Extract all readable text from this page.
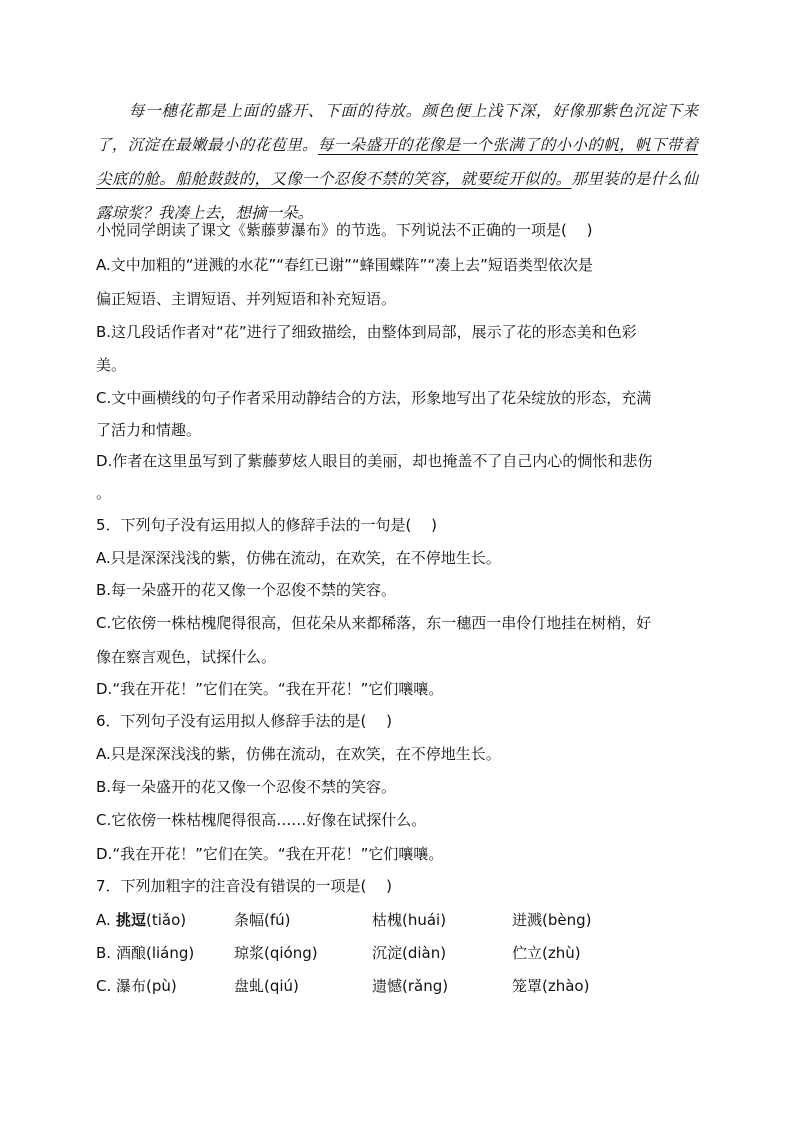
每一穗花都是上面的盛开、下面的待放。颜色便上浅下深，好像那紫色沉淀下来了，沉淀在最嫩最小的花苞里。每一朵盛开的花像是一个张满了的小小的帆，帆下带着尖底的舱。船舱鼓鼓的，又像一个忍俊不禁的笑容，就要绽开似的。那里装的是什么仙露琼浆？我凑上去，想摘一朵。
小悦同学朗读了课文《紫藤萝瀑布》的节选。下列说法不正确的一项是(　 )
A.文中加粗的“迸溅的水花”“春红已谢”“蜂围蝶阵”“凑上去”短语类型依次是
偏正短语、主谓短语、并列短语和补充短语。
B.这几段话作者对“花”进行了细致描绘，由整体到局部，展示了花的形态美和色彩
美。
C.文中画横线的句子作者采用动静结合的方法，形象地写出了花朵绽放的形态，充满
了活力和情趣。
D.作者在这里虽写到了紫藤萝炫人眼目的美丽，却也掩盖不了自己内心的惆怅和悲伤
。
5．下列句子没有运用拟人的修辞手法的一句是(　 )
A.只是深深浅浅的紫，仿佛在流动，在欢笑，在不停地生长。
B.每一朵盛开的花又像一个忍俊不禁的笑容。
C.它依傍一株枯槐爬得很高，但花朵从来都稀落，东一穗西一串伶仃地挂在树梢，好
像在察言观色，试探什么。
D.“我在开花！”它们在笑。“我在开花！”它们嚷嚷。
6．下列句子没有运用拟人修辞手法的是(　 )
A.只是深深浅浅的紫，仿佛在流动，在欢笑，在不停地生长。
B.每一朵盛开的花又像一个忍俊不禁的笑容。
C.它依傍一株枯槐爬得很高……好像在试探什么。
D.“我在开花！”它们在笑。“我在开花！”它们嚷嚷。
7．下列加粗字的注音没有错误的一项是(　 )
A. 挑逗(tiǎo)	条幅(fú)	枯槐(huái)	迸溅(bèng)
B. 酒酿(liáng)	琼浆(qióng)	沉淀(diàn)	伫立(zhù)
C. 瀑布(pù)	盘虬(qiú)	遗憾(rǎng)	笼罩(zhào)
